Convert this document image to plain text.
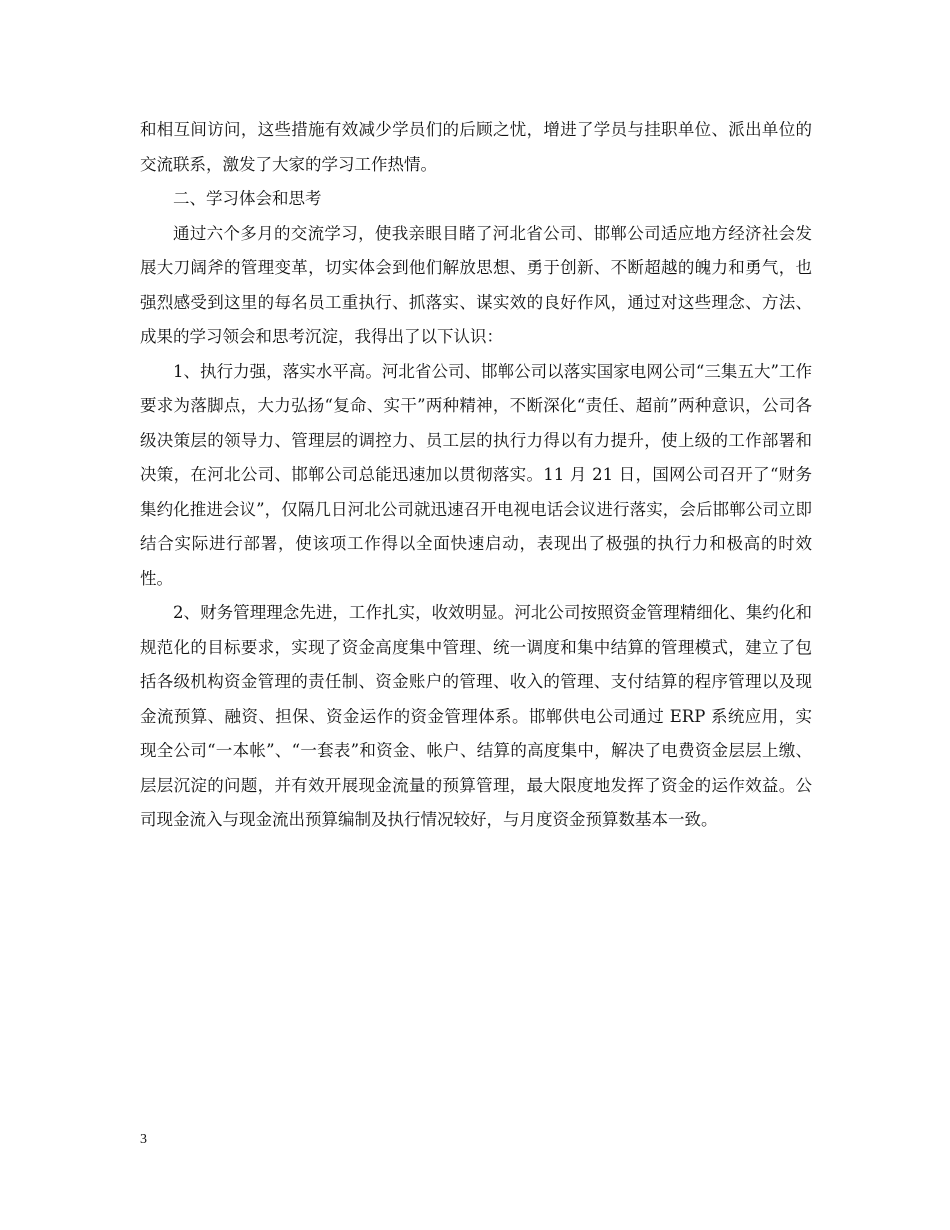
和相互间访问，这些措施有效减少学员们的后顾之忧，增进了学员与挂职单位、派出单位的交流联系，激发了大家的学习工作热情。

二、学习体会和思考

通过六个多月的交流学习，使我亲眼目睹了河北省公司、邯郸公司适应地方经济社会发展大刀阔斧的管理变革，切实体会到他们解放思想、勇于创新、不断超越的魄力和勇气，也强烈感受到这里的每名员工重执行、抓落实、谋实效的良好作风，通过对这些理念、方法、成果的学习领会和思考沉淀，我得出了以下认识：

1、执行力强，落实水平高。河北省公司、邯郸公司以落实国家电网公司“三集五大”工作要求为落脚点，大力弘扬“复命、实干”两种精神，不断深化“责任、超前”两种意识，公司各级决策层的领导力、管理层的调控力、员工层的执行力得以有力提升，使上级的工作部署和决策，在河北公司、邯郸公司总能迅速加以贯彻落实。11 月 21 日，国网公司召开了“财务集约化推进会议”，仅隔几日河北公司就迅速召开电视电话会议进行落实，会后邯郸公司立即结合实际进行部署，使该项工作得以全面快速启动，表现出了极强的执行力和极高的时效性。

2、财务管理理念先进，工作扎实，收效明显。河北公司按照资金管理精细化、集约化和规范化的目标要求，实现了资金高度集中管理、统一调度和集中结算的管理模式，建立了包括各级机构资金管理的责任制、资金账户的管理、收入的管理、支付结算的程序管理以及现金流预算、融资、担保、资金运作的资金管理体系。邯郸供电公司通过 ERP 系统应用，实现全公司“一本帐”、“一套表”和资金、帐户、结算的高度集中，解决了电费资金层层上缴、层层沉淀的问题，并有效开展现金流量的预算管理，最大限度地发挥了资金的运作效益。公司现金流入与现金流出预算编制及执行情况较好，与月度资金预算数基本一致。

3
